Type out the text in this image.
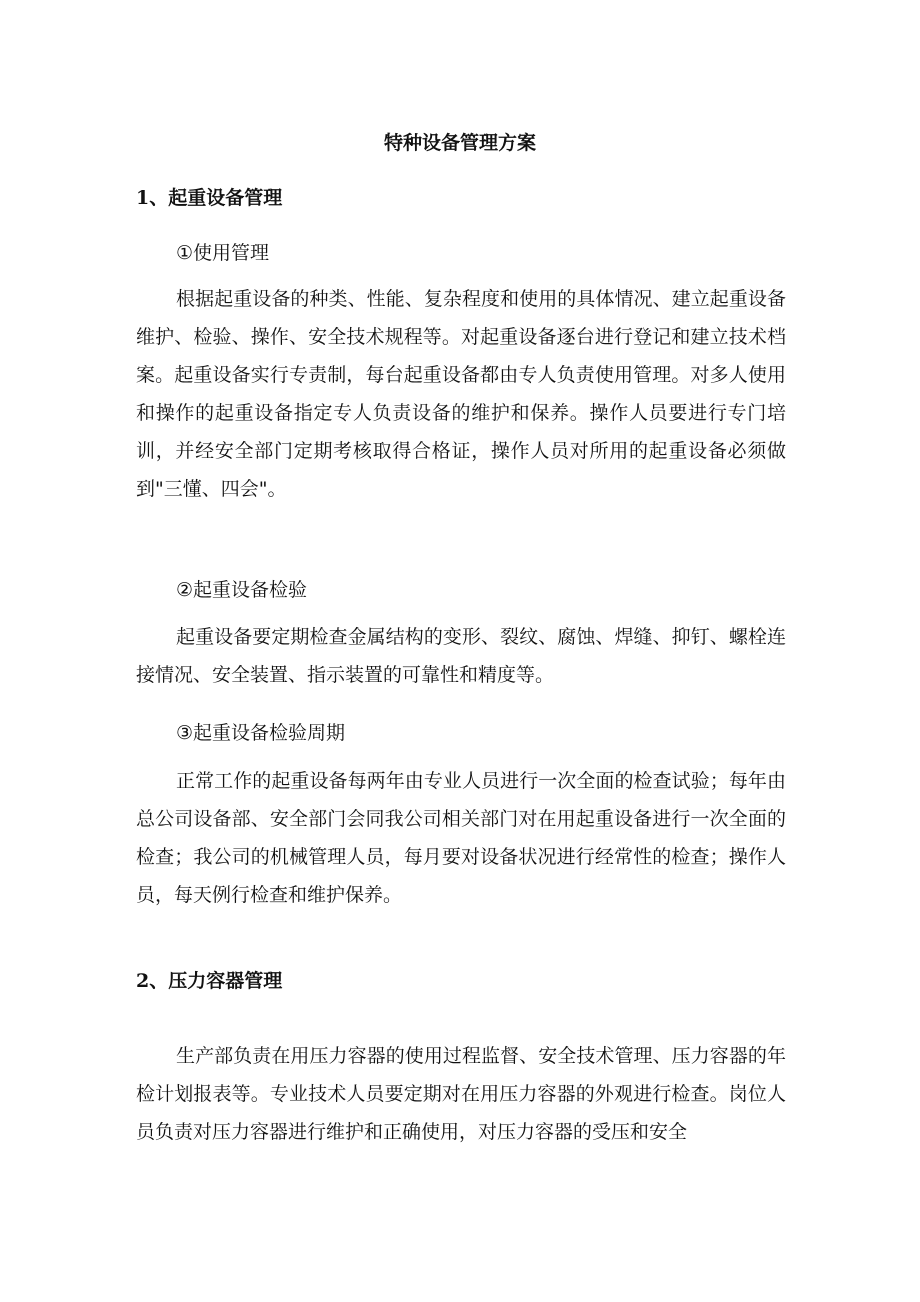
特种设备管理方案
1、起重设备管理

①使用管理

根据起重设备的种类、性能、复杂程度和使用的具体情况、建立起重设备维护、检验、操作、安全技术规程等。对起重设备逐台进行登记和建立技术档案。起重设备实行专责制，每台起重设备都由专人负责使用管理。对多人使用和操作的起重设备指定专人负责设备的维护和保养。操作人员要进行专门培训，并经安全部门定期考核取得合格证，操作人员对所用的起重设备必须做到"三懂、四会"。

②起重设备检验

起重设备要定期检查金属结构的变形、裂纹、腐蚀、焊缝、抑钉、螺栓连接情况、安全装置、指示装置的可靠性和精度等。

③起重设备检验周期

正常工作的起重设备每两年由专业人员进行一次全面的检查试验；每年由总公司设备部、安全部门会同我公司相关部门对在用起重设备进行一次全面的检查；我公司的机械管理人员，每月要对设备状况进行经常性的检查；操作人员，每天例行检查和维护保养。

2、压力容器管理

生产部负责在用压力容器的使用过程监督、安全技术管理、压力容器的年检计划报表等。专业技术人员要定期对在用压力容器的外观进行检查。岗位人员负责对压力容器进行维护和正确使用，对压力容器的受压和安全
